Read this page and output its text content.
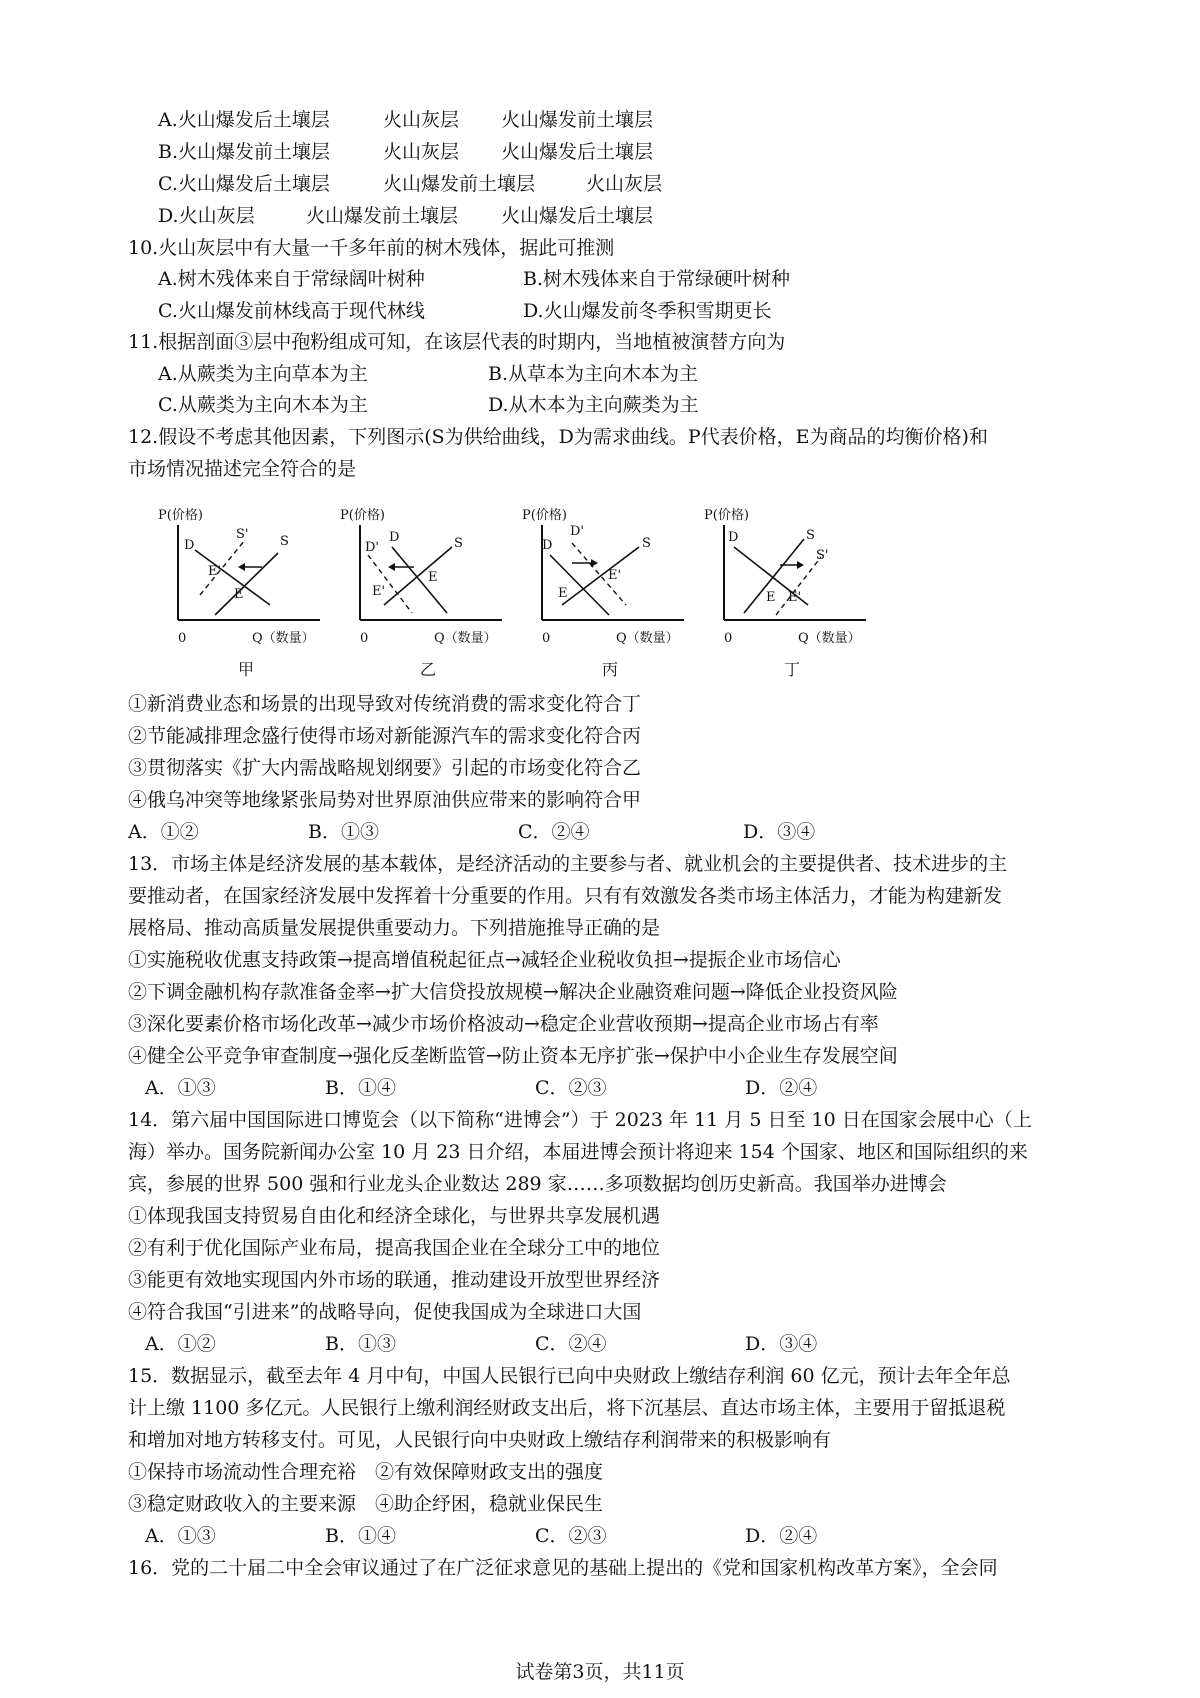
A.火山爆发后土壤层	火山灰层 火山爆发前土壤层
B.火山爆发前土壤层	火山灰层 火山爆发后土壤层
C.火山爆发后土壤层	火山爆发前土壤层	火山灰层
D.火山灰层	火山爆发前土壤层 火山爆发后土壤层
10.火山灰层中有大量一千多年前的树木残体，据此可推测
A.树木残体来自于常绿阔叶树种	B.树木残体来自于常绿硬叶树种
C.火山爆发前林线高于现代林线	D.火山爆发前冬季积雪期更长
11.根据剖面③层中孢粉组成可知，在该层代表的时期内，当地植被演替方向为
A.从蕨类为主向草本为主	B.从草本为主向木本为主
C.从蕨类为主向木本为主	D.从木本为主向蕨类为主
12.假设不考虑其他因素，下列图示(S为供给曲线，D为需求曲线。P代表价格，E为商品的均衡价格)和
市场情况描述完全符合的是
P(价格)
0	Q（数量）
D
S' S
E'
E
甲
P(价格)
0	Q（数量）
D'
D	S
E
E'
乙
P(价格)
0	Q（数量）
D
D'
S
E'
E
丙
P(价格)
0	Q（数量）
D	S
S'
E E'
丁
①新消费业态和场景的出现导致对传统消费的需求变化符合丁
②节能减排理念盛行使得市场对新能源汽车的需求变化符合丙
③贯彻落实《扩大内需战略规划纲要》引起的市场变化符合乙
④俄乌冲突等地缘紧张局势对世界原油供应带来的影响符合甲
A．①②	B．①③	C．②④	D．③④
13．市场主体是经济发展的基本载体，是经济活动的主要参与者、就业机会的主要提供者、技术进步的主
要推动者，在国家经济发展中发挥着十分重要的作用。只有有效激发各类市场主体活力，才能为构建新发
展格局、推动高质量发展提供重要动力。下列措施推导正确的是
①实施税收优惠支持政策→提高增值税起征点→减轻企业税收负担→提振企业市场信心
②下调金融机构存款准备金率→扩大信贷投放规模→解决企业融资难问题→降低企业投资风险
③深化要素价格市场化改革→减少市场价格波动→稳定企业营收预期→提高企业市场占有率
④健全公平竞争审查制度→强化反垄断监管→防止资本无序扩张→保护中小企业生存发展空间
A．①③	B．①④	C．②③	D．②④
14．第六届中国国际进口博览会（以下简称“进博会”）于 2023 年 11 月 5 日至 10 日在国家会展中心（上
海）举办。国务院新闻办公室 10 月 23 日介绍，本届进博会预计将迎来 154 个国家、地区和国际组织的来
宾，参展的世界 500 强和行业龙头企业数达 289 家……多项数据均创历史新高。我国举办进博会
①体现我国支持贸易自由化和经济全球化，与世界共享发展机遇
②有利于优化国际产业布局，提高我国企业在全球分工中的地位
③能更有效地实现国内外市场的联通，推动建设开放型世界经济
④符合我国“引进来”的战略导向，促使我国成为全球进口大国
A．①②	B．①③	C．②④	D．③④
15．数据显示，截至去年 4 月中旬，中国人民银行已向中央财政上缴结存利润 60 亿元，预计去年全年总
计上缴 1100 多亿元。人民银行上缴利润经财政支出后，将下沉基层、直达市场主体，主要用于留抵退税
和增加对地方转移支付。可见，人民银行向中央财政上缴结存利润带来的积极影响有
①保持市场流动性合理充裕　②有效保障财政支出的强度
③稳定财政收入的主要来源　④助企纾困，稳就业保民生
A．①③	B．①④	C．②③	D．②④
16．党的二十届二中全会审议通过了在广泛征求意见的基础上提出的《党和国家机构改革方案》，全会同
试卷第3页，共11页
